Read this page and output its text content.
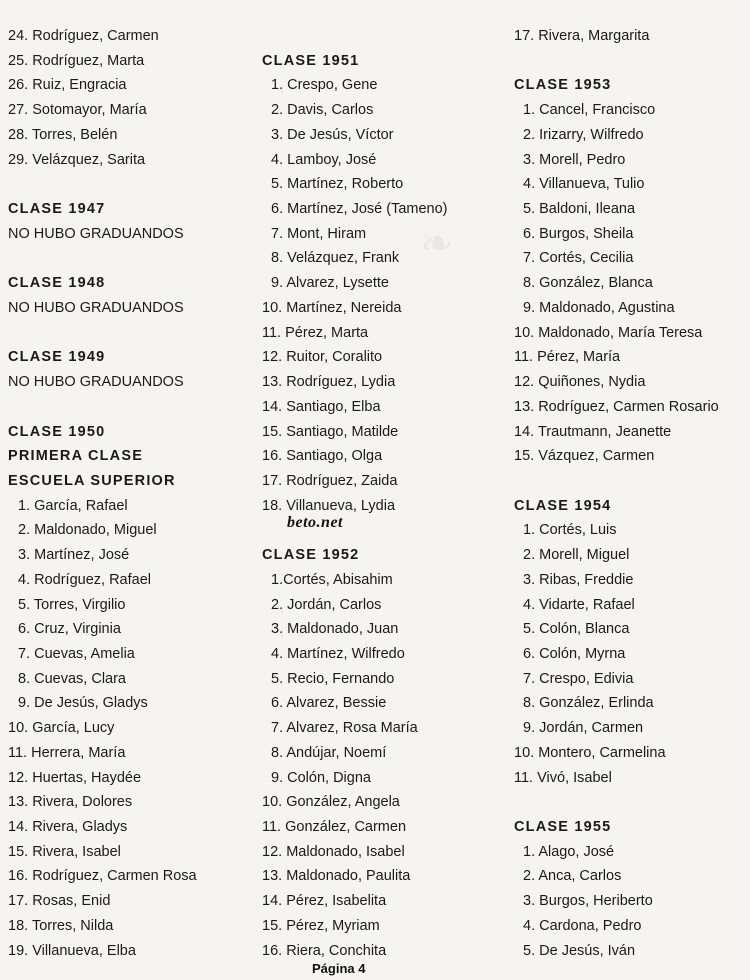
❧
24. Rodríguez, Carmen
25. Rodríguez, Marta
26. Ruiz, Engracia
27. Sotomayor, María
28. Torres, Belén
29. Velázquez, Sarita
CLASE 1947
NO HUBO GRADUANDOS
CLASE 1948
NO HUBO GRADUANDOS
CLASE 1949
NO HUBO GRADUANDOS
CLASE 1950
PRIMERA CLASE
ESCUELA SUPERIOR
1. García, Rafael
2. Maldonado, Miguel
3. Martínez, José
4. Rodríguez, Rafael
5. Torres, Virgilio
6. Cruz, Virginia
7. Cuevas, Amelia
8. Cuevas, Clara
9. De Jesús, Gladys
10. García, Lucy
11. Herrera, María
12. Huertas, Haydée
13. Rivera, Dolores
14. Rivera, Gladys
15. Rivera, Isabel
16. Rodríguez, Carmen Rosa
17. Rosas, Enid
18. Torres, Nilda
19. Villanueva, Elba
CLASE 1951
1. Crespo, Gene
2. Davis, Carlos
3. De Jesús, Víctor
4. Lamboy, José
5. Martínez, Roberto
6. Martínez, José (Tameno)
7. Mont, Hiram
8. Velázquez, Frank
9. Alvarez, Lysette
10. Martínez, Nereida
11. Pérez, Marta
12. Ruitor, Coralito
13. Rodríguez, Lydia
14. Santiago, Elba
15. Santiago, Matilde
16. Santiago, Olga
17. Rodríguez, Zaida
18. Villanueva, Lydia
CLASE 1952
1.Cortés, Abisahim
2. Jordán, Carlos
3. Maldonado, Juan
4. Martínez, Wilfredo
5. Recio, Fernando
6. Alvarez, Bessie
7. Alvarez, Rosa María
8. Andújar, Noemí
9. Colón, Digna
10. González, Angela
11. González, Carmen
12. Maldonado, Isabel
13. Maldonado, Paulita
14. Pérez, Isabelita
15. Pérez, Myriam
16. Riera, Conchita
17. Rivera, Margarita
CLASE 1953
1. Cancel, Francisco
2. Irizarry, Wilfredo
3. Morell, Pedro
4. Villanueva, Tulio
5. Baldoni, Ileana
6. Burgos, Sheila
7. Cortés, Cecilia
8. González, Blanca
9. Maldonado, Agustina
10. Maldonado, María Teresa
11. Pérez, María
12. Quiñones, Nydia
13. Rodríguez, Carmen Rosario
14. Trautmann, Jeanette
15. Vázquez, Carmen
CLASE 1954
1. Cortés, Luis
2. Morell, Miguel
3. Ribas, Freddie
4. Vidarte, Rafael
5. Colón, Blanca
6. Colón, Myrna
7. Crespo, Edivia
8. González, Erlinda
9. Jordán, Carmen
10. Montero, Carmelina
11. Vivó, Isabel
CLASE 1955
1. Alago, José
2. Anca, Carlos
3. Burgos, Heriberto
4. Cardona, Pedro
5. De Jesús, Iván
beto.net
Página 4
